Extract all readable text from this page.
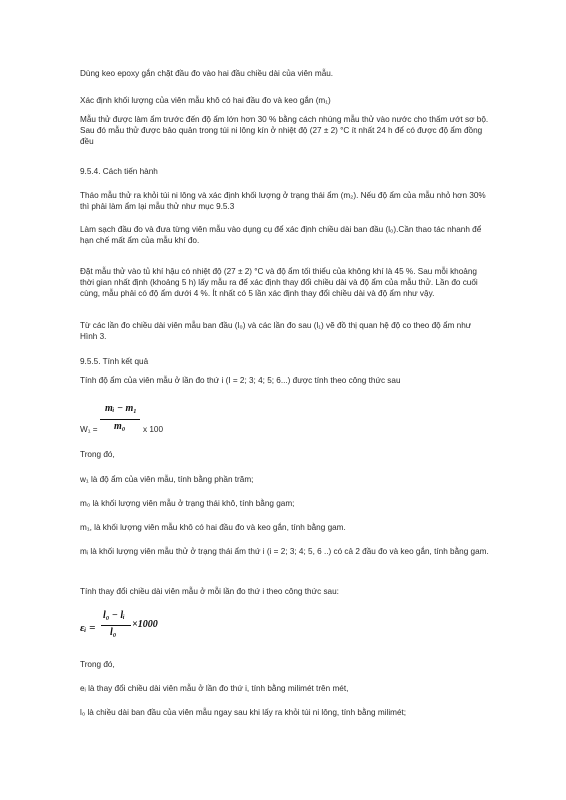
Dùng keo epoxy gắn chặt đầu đo vào hai đầu chiều dài của viên mẫu.

Xác định khối lượng của viên mẫu khô có hai đầu đo và keo gắn (m₁)

Mẫu thử được làm ẩm trước đến độ ẩm lớn hơn 30 % bằng cách nhúng mẫu thử vào nước cho thấm ướt sơ bộ. Sau đó mẫu thử được bảo quản trong túi ni lông kín ở nhiệt độ (27 ± 2) °C ít nhất 24 h để có được độ ẩm đồng đều

9.5.4. Cách tiến hành

Tháo mẫu thử ra khỏi túi ni lông và xác định khối lượng ở trạng thái ẩm (m₂). Nếu độ ẩm của mẫu nhỏ hơn 30% thì phải làm ẩm lại mẫu thử như mục 9.5.3

Làm sạch đầu đo và đưa từng viên mẫu vào dụng cụ để xác định chiều dài ban đầu (l₀).Cần thao tác nhanh để hạn chế mất ẩm của mẫu khí đo.

Đặt mẫu thử vào tủ khí hậu có nhiệt độ (27 ± 2) °C và độ ẩm tối thiểu của không khí là 45 %. Sau mỗi khoảng thời gian nhất định (khoảng 5 h) lấy mẫu ra để xác định thay đổi chiều dài và độ ẩm của mẫu thử. Lần đo cuối cùng, mẫu phải có độ ẩm dưới 4 %. Ít nhất có 5 lần xác định thay đổi chiều dài và độ ẩm như vậy.

Từ các lần đo chiều dài viên mẫu ban đầu (l₀) và các lần đo sau (l₁) vẽ đồ thị quan hệ độ co theo độ ẩm như Hình 3.

9.5.5. Tính kết quả

Tính độ ẩm của viên mẫu ở lần đo thứ i (I = 2; 3; 4; 5; 6...) được tính theo công thức sau

mᵢ − m₁
m₀
W₁ =	x 100

Trong đó,

w₁ là độ ẩm của viên mẫu, tính bằng phần trăm;

m₀ là khối lượng viên mẫu ở trạng thái khô, tính bằng gam;

m₁, là khối lượng viên mẫu khô có hai đầu đo và keo gắn, tính bằng gam.

mᵢ là khối lượng viên mẫu thử ở trạng thái ẩm thứ i (i = 2; 3; 4; 5, 6 ..) có cả 2 đầu đo và keo gắn, tính bằng gam.

Tính thay đổi chiều dài viên mẫu ở mỗi lần đo thứ i theo công thức sau:

εᵢ =
l₀ − lᵢ
l₀
×1000

Trong đó,

eᵢ là thay đổi chiều dài viên mẫu ở lần đo thứ i, tính bằng milimét trên mét,

l₀ là chiều dài ban đầu của viên mẫu ngay sau khi lấy ra khỏi túi ni lông, tính bằng milimét;
